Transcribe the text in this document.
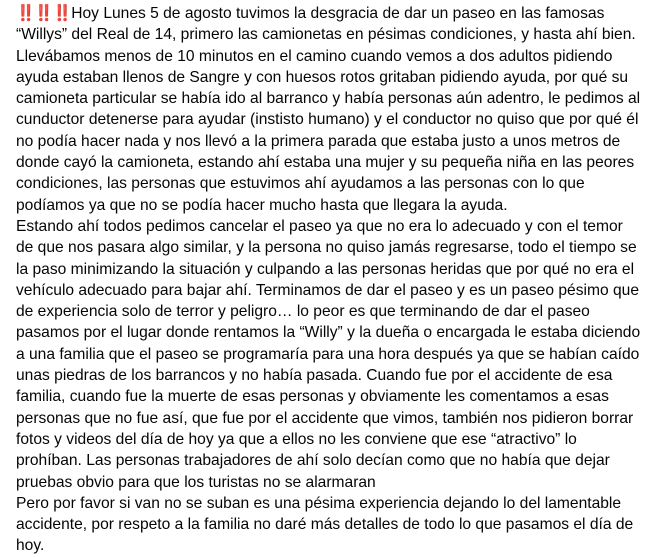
‼️‼️‼️Hoy Lunes 5 de agosto tuvimos la desgracia de dar un paseo en las famosas “Willys” del Real de 14, primero las camionetas en pésimas condiciones, y hasta ahí bien. Llevábamos menos de 10 minutos en el camino cuando vemos a dos adultos pidiendo ayuda estaban llenos de Sangre y con huesos rotos gritaban pidiendo ayuda, por qué su camioneta particular se había ido al barranco y había personas aún adentro, le pedimos al cunductor detenerse para ayudar (instisto humano) y el conductor no quiso que por qué él no podía hacer nada y nos llevó a la primera parada que estaba justo a unos metros de donde cayó la camioneta, estando ahí estaba una mujer y su pequeña niña en las peores condiciones, las personas que estuvimos ahí ayudamos a las personas con lo que podíamos ya que no se podía hacer mucho hasta que llegara la ayuda.

Estando ahí todos pedimos cancelar el paseo ya que no era lo adecuado y con el temor de que nos pasara algo similar, y la persona no quiso jamás regresarse, todo el tiempo se la paso minimizando la situación y culpando a las personas heridas que por qué no era el vehículo adecuado para bajar ahí. Terminamos de dar el paseo y es un paseo pésimo que de experiencia solo de terror y peligro… lo peor es que terminando de dar el paseo pasamos por el lugar donde rentamos la “Willy” y la dueña o encargada le estaba diciendo a una familia que el paseo se programaría para una hora después ya que se habían caído unas piedras de los barrancos y no había pasada. Cuando fue por el accidente de esa familia, cuando fue la muerte de esas personas y obviamente les comentamos a esas personas que no fue así, que fue por el accidente que vimos, también nos pidieron borrar fotos y videos del día de hoy ya que a ellos no les conviene que ese “atractivo” lo prohíban. Las personas trabajadores de ahí solo decían como que no había que dejar pruebas obvio para que los turistas no se alarmaran

Pero por favor si van no se suban es una pésima experiencia dejando lo del lamentable accidente, por respeto a la familia no daré más detalles de todo lo que pasamos el día de hoy.
